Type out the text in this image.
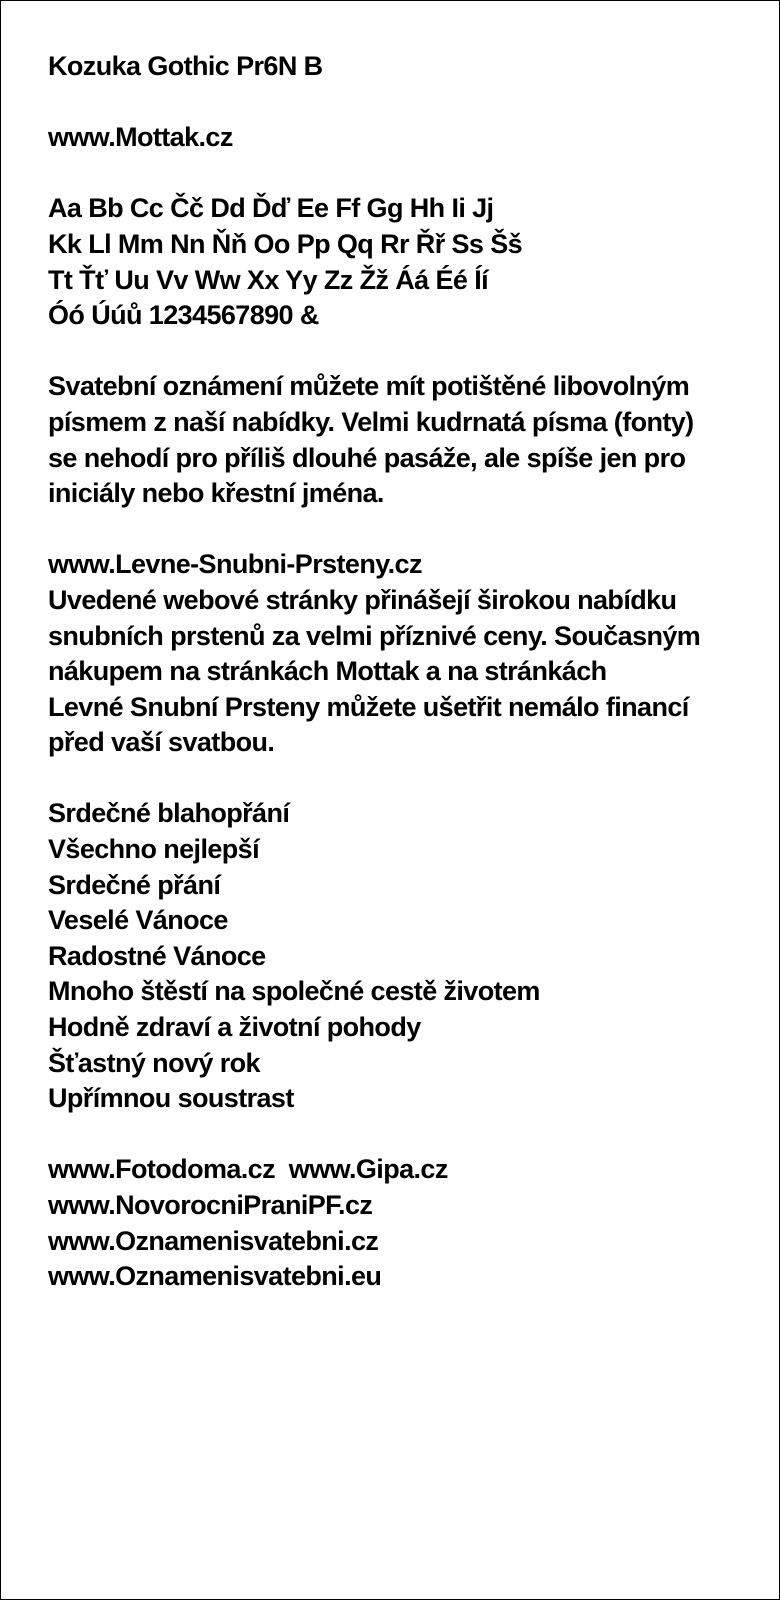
Kozuka Gothic Pr6N B
www.Mottak.cz
Aa Bb Cc Čč Dd Ďď Ee Ff Gg Hh Ii Jj
Kk Ll Mm Nn Ňň Oo Pp Qq Rr Řř Ss Šš
Tt Ťť Uu Vv Ww Xx Yy Zz Žž Áá Éé Íí
Óó Úúů 1234567890 &
Svatební oznámení můžete mít potištěné libovolným
písmem z naší nabídky. Velmi kudrnatá písma (fonty)
se nehodí pro příliš dlouhé pasáže, ale spíše jen pro
iniciály nebo křestní jména.
www.Levne-Snubni-Prsteny.cz
Uvedené webové stránky přinášejí širokou nabídku
snubních prstenů za velmi příznivé ceny. Současným
nákupem na stránkách Mottak a na stránkách
Levné Snubní Prsteny můžete ušetřit nemálo financí
před vaší svatbou.
Srdečné blahopřání
Všechno nejlepší
Srdečné přání
Veselé Vánoce
Radostné Vánoce
Mnoho štěstí na společné cestě životem
Hodně zdraví a životní pohody
Šťastný nový rok
Upřímnou soustrast
www.Fotodoma.cz  www.Gipa.cz
www.NovorocniPraniPF.cz
www.Oznamenisvatebni.cz
www.Oznamenisvatebni.eu
